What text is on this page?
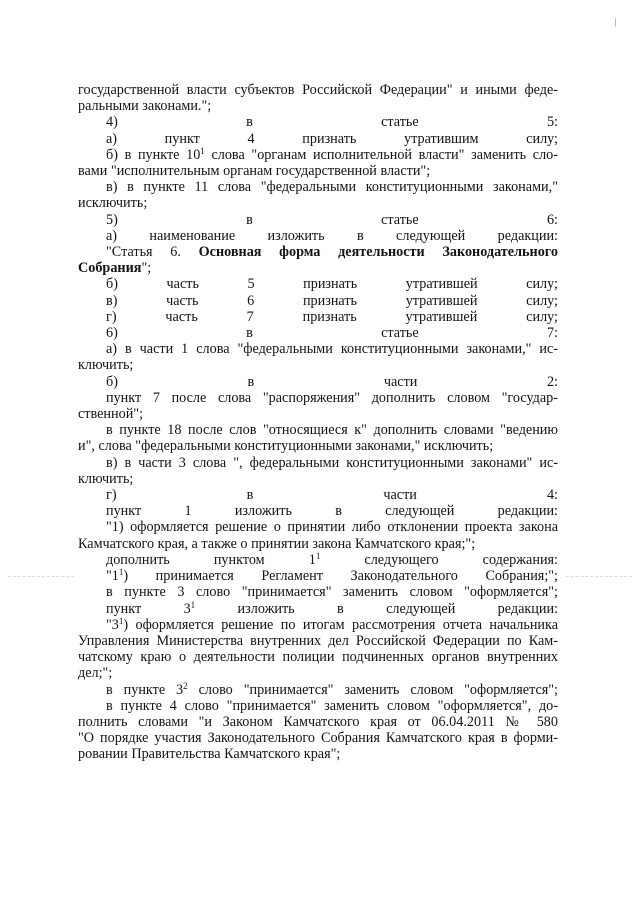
государственной власти субъектов Российской Федерации" и иными феде-

ральными законами.";

4) в статье 5:

а) пункт 4 признать утратившим силу;

б) в пункте $10^1$ слова "органам исполнительной власти" заменить сло-

вами "исполнительным органам государственной власти";

в) в пункте 11 слова "федеральными конституционными законами,"

исключить;

5) в статье 6:

а) наименование изложить в следующей редакции:

"Статья 6. Основная форма деятельности Законодательного

Собрания";

б) часть 5 признать утратившей силу;

в) часть 6 признать утратившей силу;

г) часть 7 признать утратившей силу;

6) в статье 7:

а) в части 1 слова "федеральными конституционными законами," ис-

ключить;

б) в части 2:

пункт 7 после слова "распоряжения" дополнить словом "государ-

ственной";

в пункте 18 после слов "относящиеся к" дополнить словами "ведению

и", слова "федеральными конституционными законами," исключить;

в) в части 3 слова ", федеральными конституционными законами" ис-

ключить;

г) в части 4:

пункт 1 изложить в следующей редакции:

"1) оформляется решение о принятии либо отклонении проекта закона

Камчатского края, а также о принятии закона Камчатского края;";

дополнить пунктом $1^1$ следующего содержания:

"$1^1$) принимается Регламент Законодательного Собрания;";

в пункте 3 слово "принимается" заменить словом "оформляется";

пункт $3^1$ изложить в следующей редакции:

"$3^1$) оформляется решение по итогам рассмотрения отчета начальника

Управления Министерства внутренних дел Российской Федерации по Кам-

чатскому краю о деятельности полиции подчиненных органов внутренних

дел;";

в пункте $3^2$ слово "принимается" заменить словом "оформляется";

в пункте 4 слово "принимается" заменить словом "оформляется", до-

полнить словами "и Законом Камчатского края от 06.04.2011 № 580

"О порядке участия Законодательного Собрания Камчатского края в форми-

ровании Правительства Камчатского края";
